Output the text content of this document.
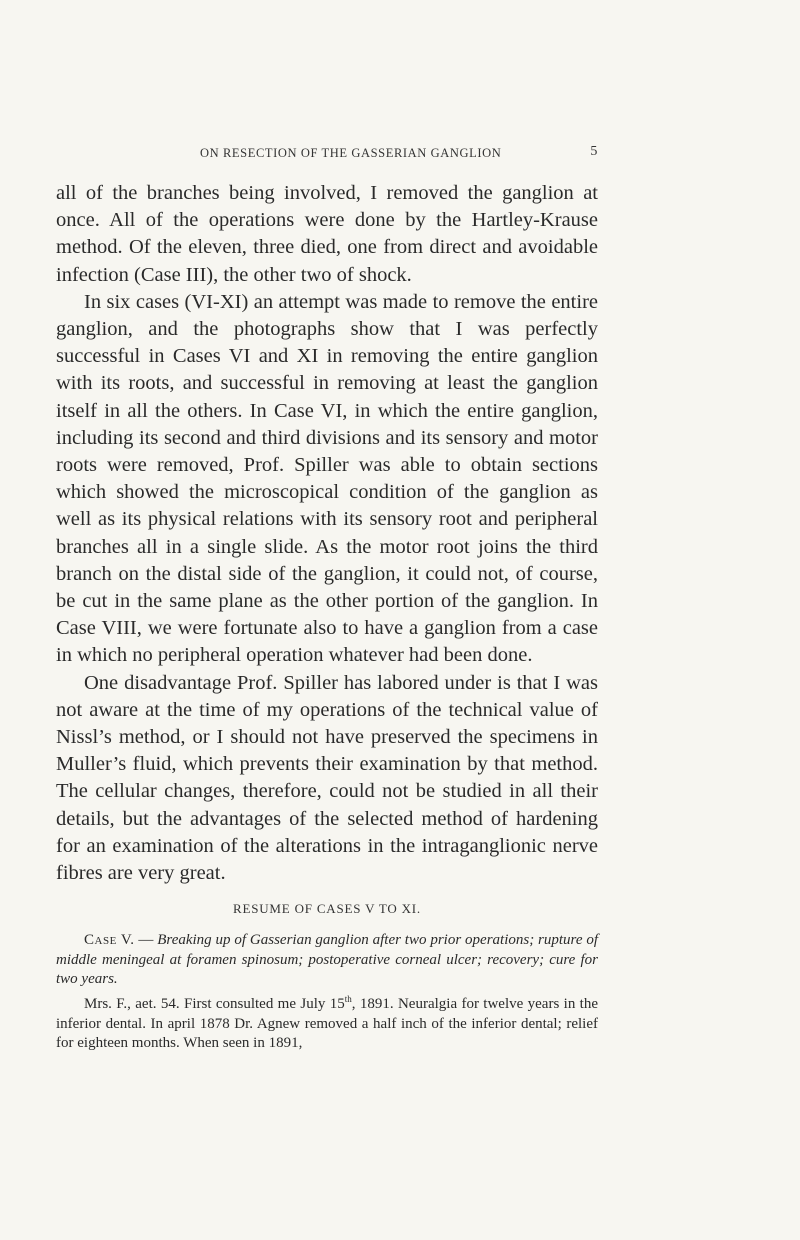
ON RESECTION OF THE GASSERIAN GANGLION	5

all of the branches being involved, I removed the ganglion at once. All of the operations were done by the Hartley-Krause method. Of the eleven, three died, one from direct and avoidable infection (Case III), the other two of shock.

In six cases (VI-XI) an attempt was made to remove the entire ganglion, and the photographs show that I was perfectly successful in Cases VI and XI in removing the entire ganglion with its roots, and successful in removing at least the ganglion itself in all the others. In Case VI, in which the entire ganglion, including its second and third divisions and its sensory and motor roots were removed, Prof. Spiller was able to obtain sections which showed the microscopical condition of the ganglion as well as its physical relations with its sensory root and peripheral branches all in a single slide. As the motor root joins the third branch on the distal side of the ganglion, it could not, of course, be cut in the same plane as the other portion of the ganglion. In Case VIII, we were fortunate also to have a ganglion from a case in which no peripheral operation whatever had been done.

One disadvantage Prof. Spiller has labored under is that I was not aware at the time of my operations of the technical value of Nissl’s method, or I should not have preserved the specimens in Muller’s fluid, which prevents their examination by that method. The cellular changes, therefore, could not be studied in all their details, but the advantages of the selected method of hardening for an examination of the alterations in the intraganglionic nerve fibres are very great.

RESUME OF CASES V TO XI.

Case V. — Breaking up of Gasserian ganglion after two prior operations; rupture of middle meningeal at foramen spinosum; postoperative corneal ulcer; recovery; cure for two years.

Mrs. F., aet. 54. First consulted me July 15th, 1891. Neuralgia for twelve years in the inferior dental. In april 1878 Dr. Agnew removed a half inch of the inferior dental; relief for eighteen months. When seen in 1891,
